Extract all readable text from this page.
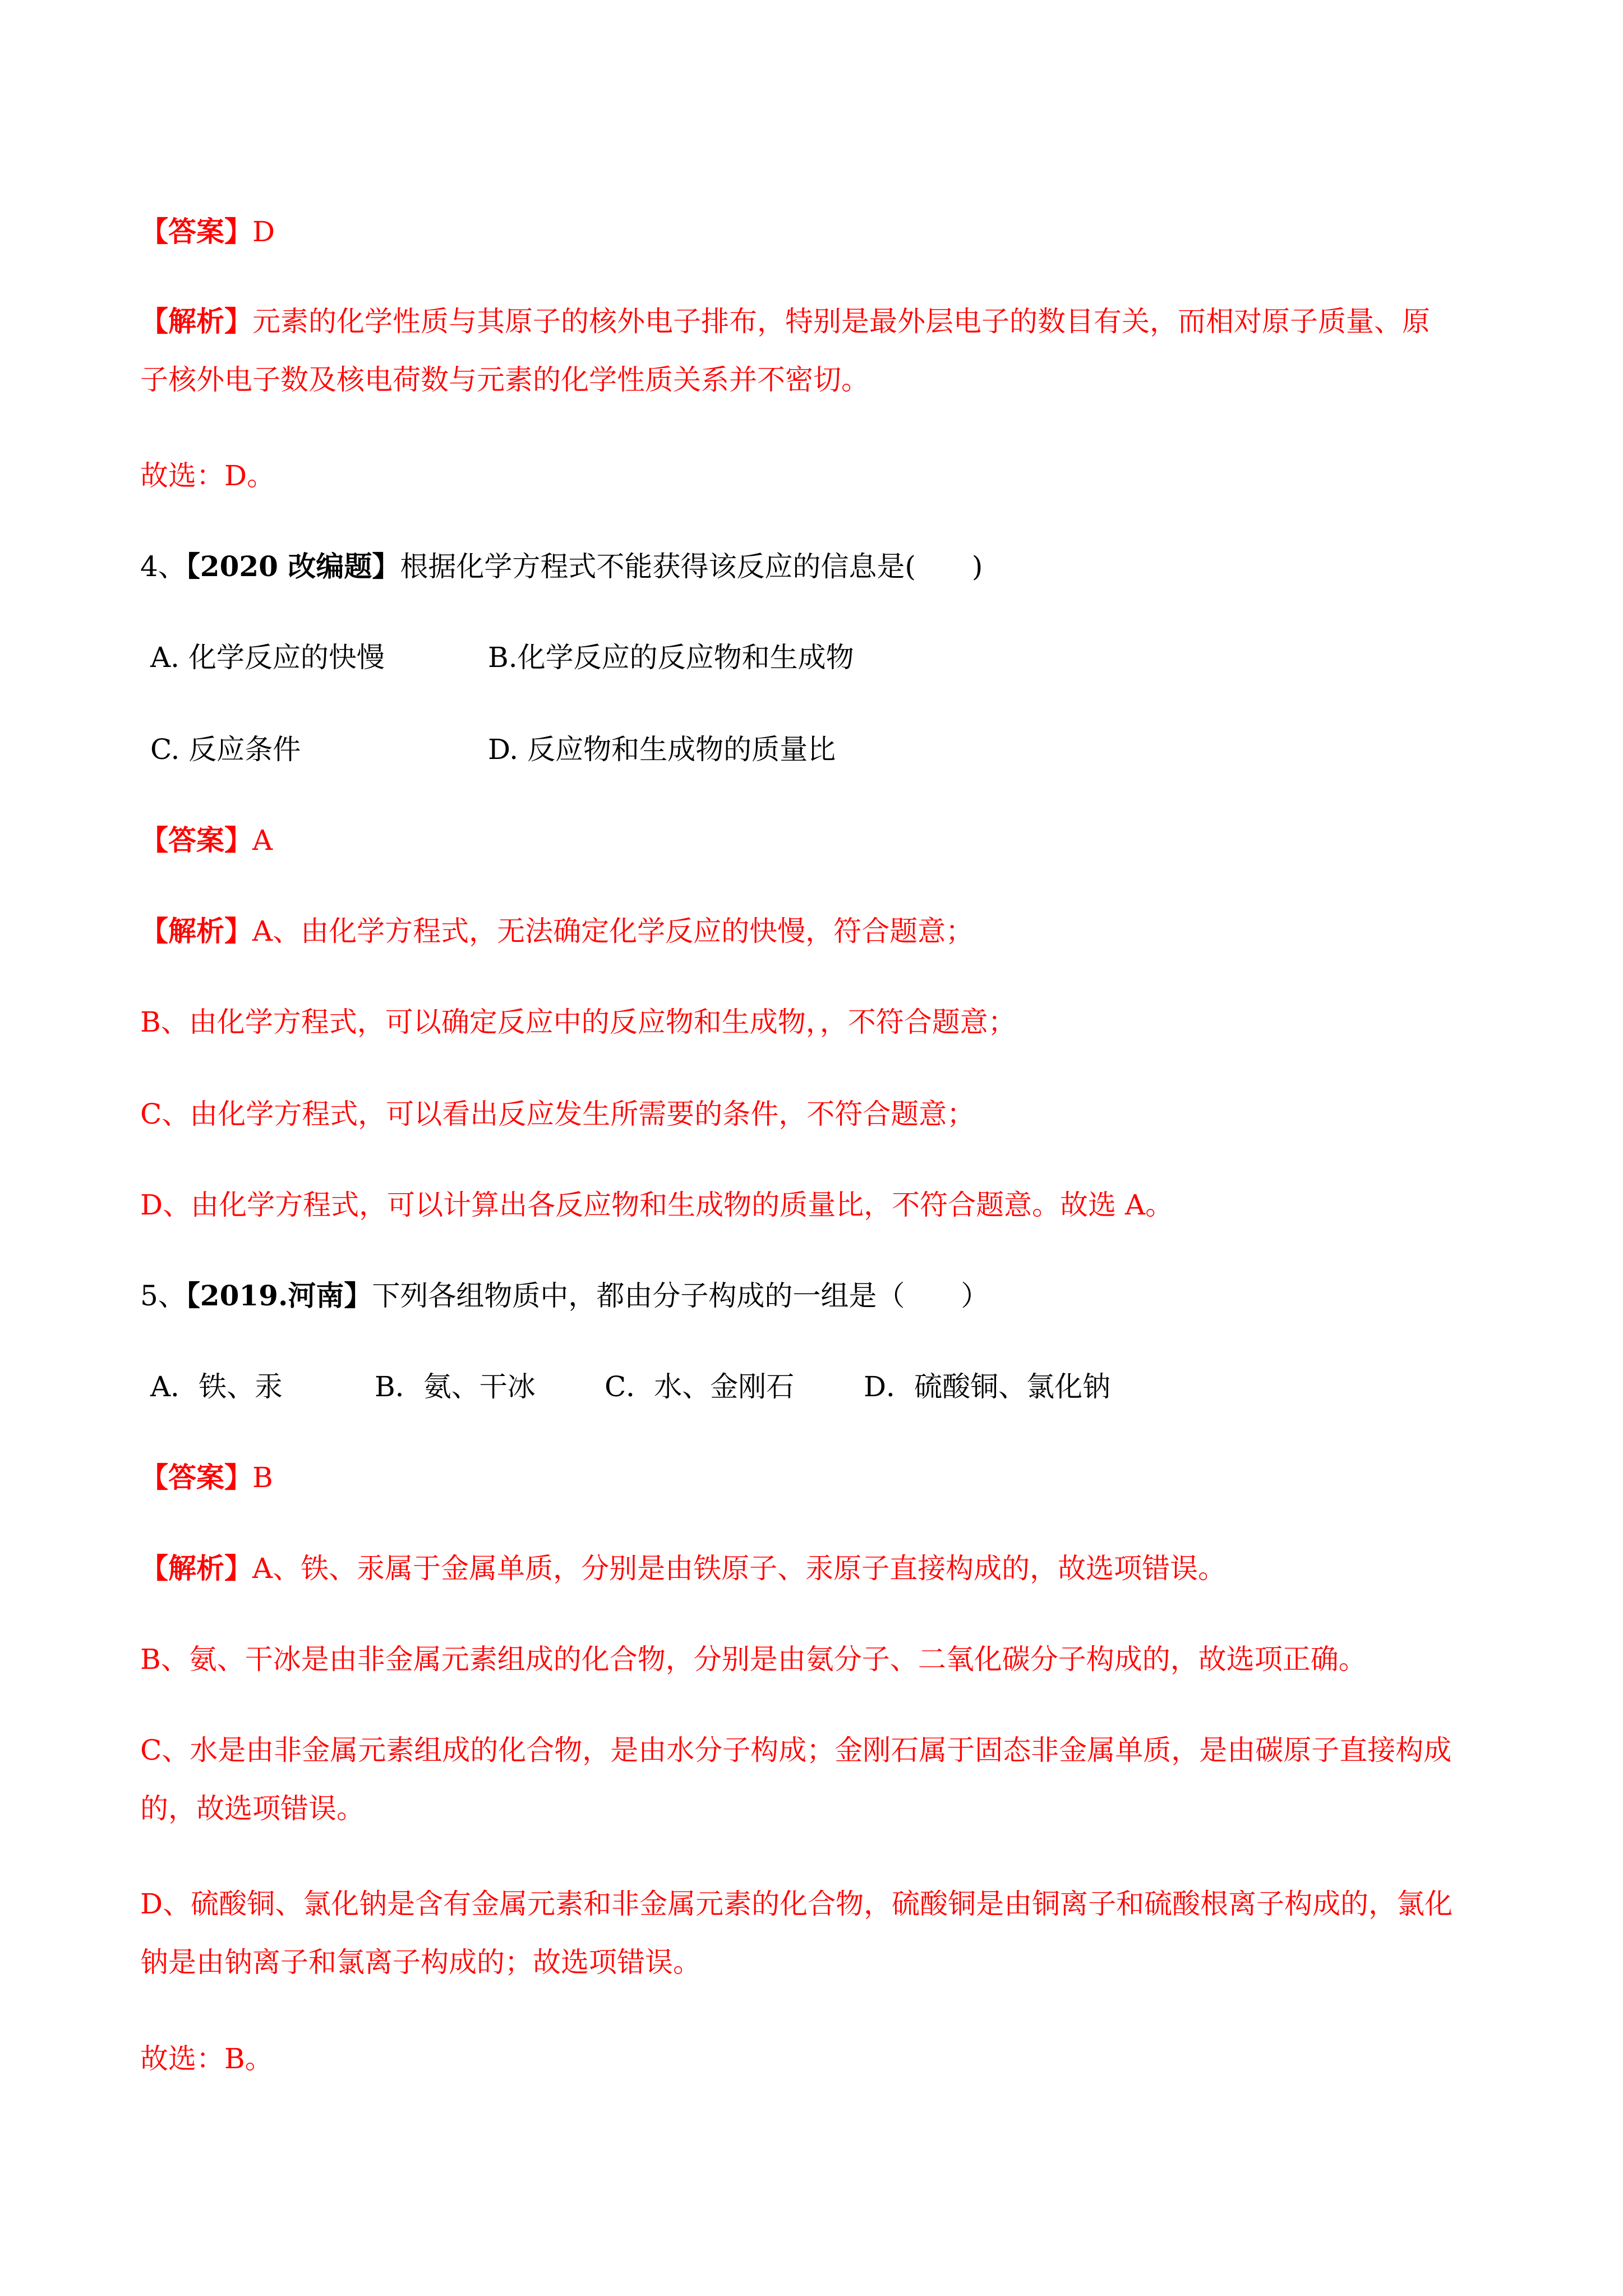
【答案】D
【解析】元素的化学性质与其原子的核外电子排布，特别是最外层电子的数目有关，而相对原子质量、原
子核外电子数及核电荷数与元素的化学性质关系并不密切。
故选：D。
4、【2020 改编题】根据化学方程式不能获得该反应的信息是(　　)
A. 化学反应的快慢	B.化学反应的反应物和生成物
C. 反应条件	D. 反应物和生成物的质量比
【答案】A
【解析】A、由化学方程式，无法确定化学反应的快慢，符合题意；
B、由化学方程式，可以确定反应中的反应物和生成物，，不符合题意；
C、由化学方程式，可以看出反应发生所需要的条件，不符合题意；
D、由化学方程式，可以计算出各反应物和生成物的质量比，不符合题意。故选 A。
5、【2019.河南】下列各组物质中，都由分子构成的一组是（　　）
A．铁、汞	B．氨、干冰 C．水、金刚石 D．硫酸铜、氯化钠
【答案】B
【解析】A、铁、汞属于金属单质，分别是由铁原子、汞原子直接构成的，故选项错误。
B、氨、干冰是由非金属元素组成的化合物，分别是由氨分子、二氧化碳分子构成的，故选项正确。
C、水是由非金属元素组成的化合物，是由水分子构成；金刚石属于固态非金属单质，是由碳原子直接构成
的，故选项错误。
D、硫酸铜、氯化钠是含有金属元素和非金属元素的化合物，硫酸铜是由铜离子和硫酸根离子构成的，氯化
钠是由钠离子和氯离子构成的；故选项错误。
故选：B。
